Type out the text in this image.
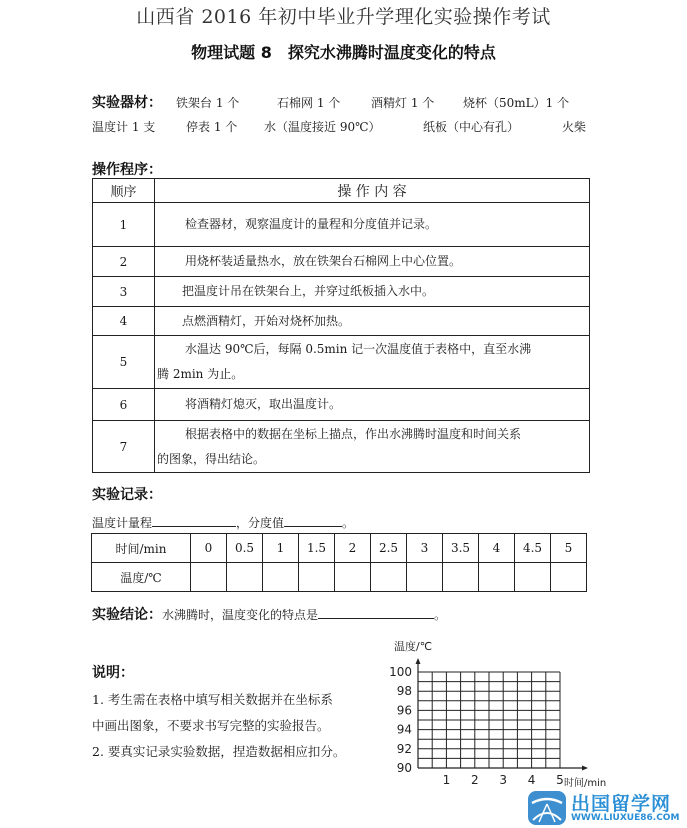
山西省 2016 年初中毕业升学理化实验操作考试
物理试题 8　探究水沸腾时温度变化的特点
实验器材： 铁架台 1 个	石棉网 1 个	酒精灯 1 个 烧杯（50mL）1 个
温度计 1 支	停表 1 个 水（温度接近 90℃）	纸板（中心有孔）	火柴
操作程序：
顺序	操 作 内 容
1	检查器材，观察温度计的量程和分度值并记录。
2	用烧杯装适量热水，放在铁架台石棉网上中心位置。
3	把温度计吊在铁架台上，并穿过纸板插入水中。
4	点燃酒精灯，开始对烧杯加热。
5	水温达 90℃后，每隔 0.5min 记一次温度值于表格中，直至水沸
腾 2min 为止。
6	将酒精灯熄灭，取出温度计。
7	根据表格中的数据在坐标上描点，作出水沸腾时温度和时间关系
的图象，得出结论。
实验记录：
温度计量程	，分度值	。
时间/min	0	0.5	1	1.5	2	2.5	3	3.5	4	4.5	5
温度/℃											
实验结论：水沸腾时，温度变化的特点是	。
说明：
1. 考生需在表格中填写相关数据并在坐标系
中画出图象，不要求书写完整的实验报告。
2. 要真实记录实验数据，捏造数据相应扣分。
90
92
94
96
98
100
1 2 3 4 5
温度/℃
时间/min
出国留学网
WWW.LIUXUE86.COM
